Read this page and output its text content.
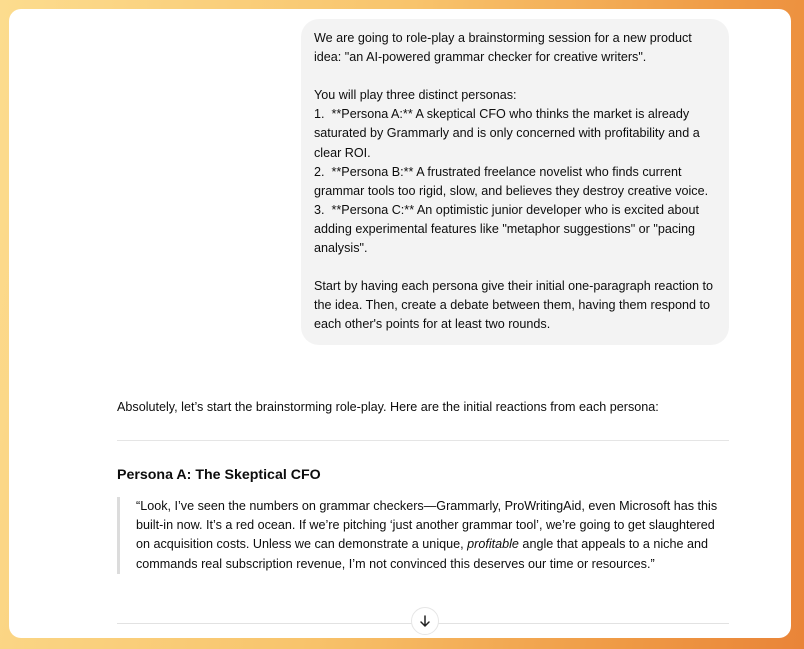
We are going to role-play a brainstorming session for a new product idea: "an AI-powered grammar checker for creative writers".

You will play three distinct personas:

1.  **Persona A:** A skeptical CFO who thinks the market is already saturated by Grammarly and is only concerned with profitability and a clear ROI.

2.  **Persona B:** A frustrated freelance novelist who finds current grammar tools too rigid, slow, and believes they destroy creative voice.

3.  **Persona C:** An optimistic junior developer who is excited about adding experimental features like "metaphor suggestions" or "pacing analysis".

Start by having each persona give their initial one-paragraph reaction to the idea. Then, create a debate between them, having them respond to each other's points for at least two rounds.

Absolutely, let’s start the brainstorming role-play. Here are the initial reactions from each persona:

Persona A: The Skeptical CFO
“Look, I’ve seen the numbers on grammar checkers—Grammarly, ProWritingAid, even Microsoft has this built-in now. It’s a red ocean. If we’re pitching ‘just another grammar tool’, we’re going to get slaughtered on acquisition costs. Unless we can demonstrate a unique, profitable angle that appeals to a niche and commands real subscription revenue, I’m not convinced this deserves our time or resources.”
